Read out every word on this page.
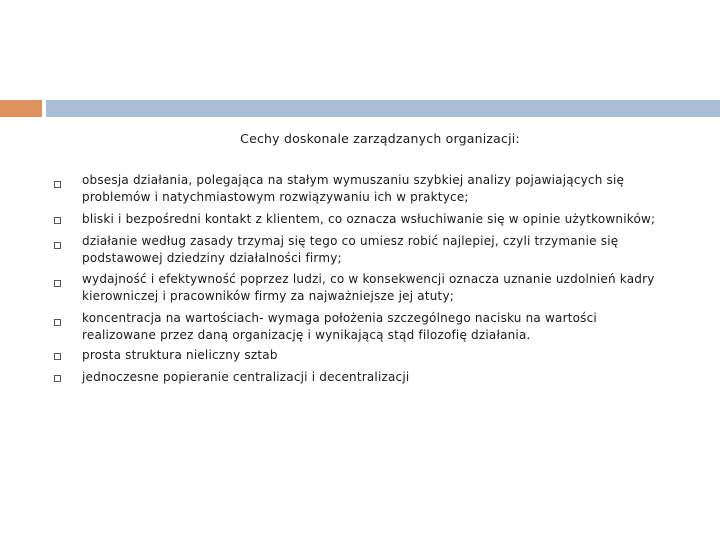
Cechy doskonale zarządzanych organizacji:
obsesja działania, polegająca na stałym wymuszaniu szybkiej analizy pojawiających się
problemów i natychmiastowym rozwiązywaniu ich w praktyce;
bliski i bezpośredni kontakt z klientem, co oznacza wsłuchiwanie się w opinie użytkowników;
działanie według zasady trzymaj się tego co umiesz robić najlepiej, czyli trzymanie się
podstawowej dziedziny działalności firmy;
wydajność i efektywność poprzez ludzi, co w konsekwencji oznacza uznanie uzdolnień kadry
kierowniczej i pracowników firmy za najważniejsze jej atuty;
koncentracja na wartościach- wymaga położenia szczególnego nacisku na wartości
realizowane przez daną organizację i wynikającą stąd filozofię działania.
prosta struktura nieliczny sztab
jednoczesne popieranie centralizacji i decentralizacji
